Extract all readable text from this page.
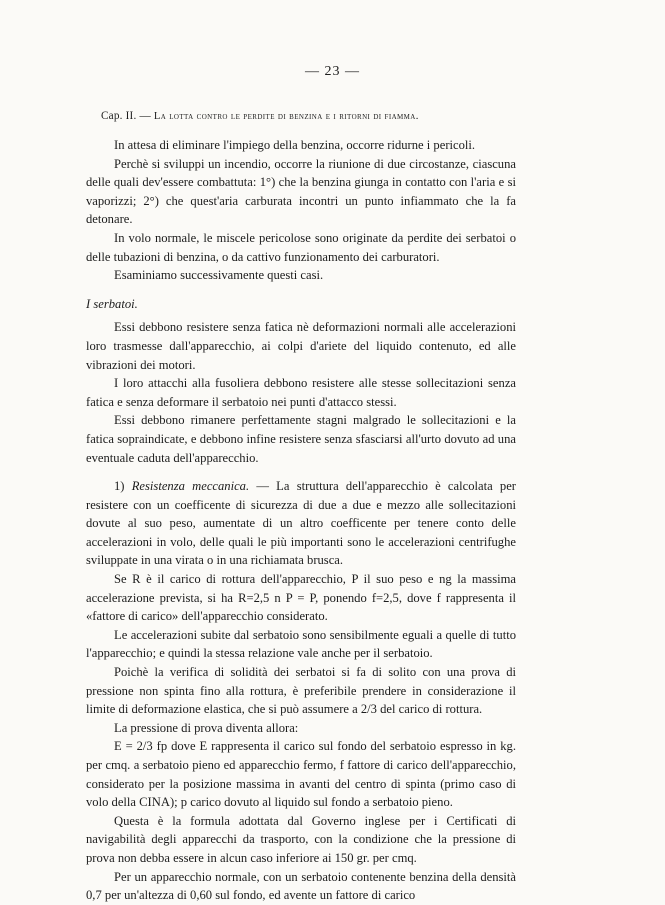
— 23 —
Cap. II. — La lotta contro le perdite di benzina e i ritorni di fiamma.

In attesa di eliminare l'impiego della benzina, occorre ridurne i pericoli.

Perchè si sviluppi un incendio, occorre la riunione di due circostanze, ciascuna delle quali dev'essere combattuta: 1°) che la benzina giunga in contatto con l'aria e si vaporizzi; 2°) che quest'aria carburata incontri un punto infiammato che la fa detonare.

In volo normale, le miscele pericolose sono originate da perdite dei serbatoi o delle tubazioni di benzina, o da cattivo funzionamento dei carburatori.

Esaminiamo successivamente questi casi.

I serbatoi.

Essi debbono resistere senza fatica nè deformazioni normali alle accelerazioni loro trasmesse dall'apparecchio, ai colpi d'ariete del liquido contenuto, ed alle vibrazioni dei motori.

I loro attacchi alla fusoliera debbono resistere alle stesse sollecitazioni senza fatica e senza deformare il serbatoio nei punti d'attacco stessi.

Essi debbono rimanere perfettamente stagni malgrado le sollecitazioni e la fatica sopraindicate, e debbono infine resistere senza sfasciarsi all'urto dovuto ad una eventuale caduta dell'apparecchio.

1) Resistenza meccanica. — La struttura dell'apparecchio è calcolata per resistere con un coefficente di sicurezza di due a due e mezzo alle sollecitazioni dovute al suo peso, aumentate di un altro coefficente per tenere conto delle accelerazioni in volo, delle quali le più importanti sono le accelerazioni centrifughe sviluppate in una virata o in una richiamata brusca.

Se R è il carico di rottura dell'apparecchio, P il suo peso e ng la massima accelerazione prevista, si ha R=2,5 n P = P, ponendo f=2,5, dove f rappresenta il «fattore di carico» dell'apparecchio considerato.

Le accelerazioni subite dal serbatoio sono sensibilmente eguali a quelle di tutto l'apparecchio; e quindi la stessa relazione vale anche per il serbatoio.

Poichè la verifica di solidità dei serbatoi si fa di solito con una prova di pressione non spinta fino alla rottura, è preferibile prendere in considerazione il limite di deformazione elastica, che si può assumere a 2/3 del carico di rottura.

La pressione di prova diventa allora:

E = 2/3 fp dove E rappresenta il carico sul fondo del serbatoio espresso in kg. per cmq. a serbatoio pieno ed apparecchio fermo, f fattore di carico dell'apparecchio, considerato per la posizione massima in avanti del centro di spinta (primo caso di volo della CINA); p carico dovuto al liquido sul fondo a serbatoio pieno.

Questa è la formula adottata dal Governo inglese per i Certificati di navigabilità degli apparecchi da trasporto, con la condizione che la pressione di prova non debba essere in alcun caso inferiore ai 150 gr. per cmq.

Per un apparecchio normale, con un serbatoio contenente benzina della densità 0,7 per un'altezza di 0,60 sul fondo, ed avente un fattore di carico
